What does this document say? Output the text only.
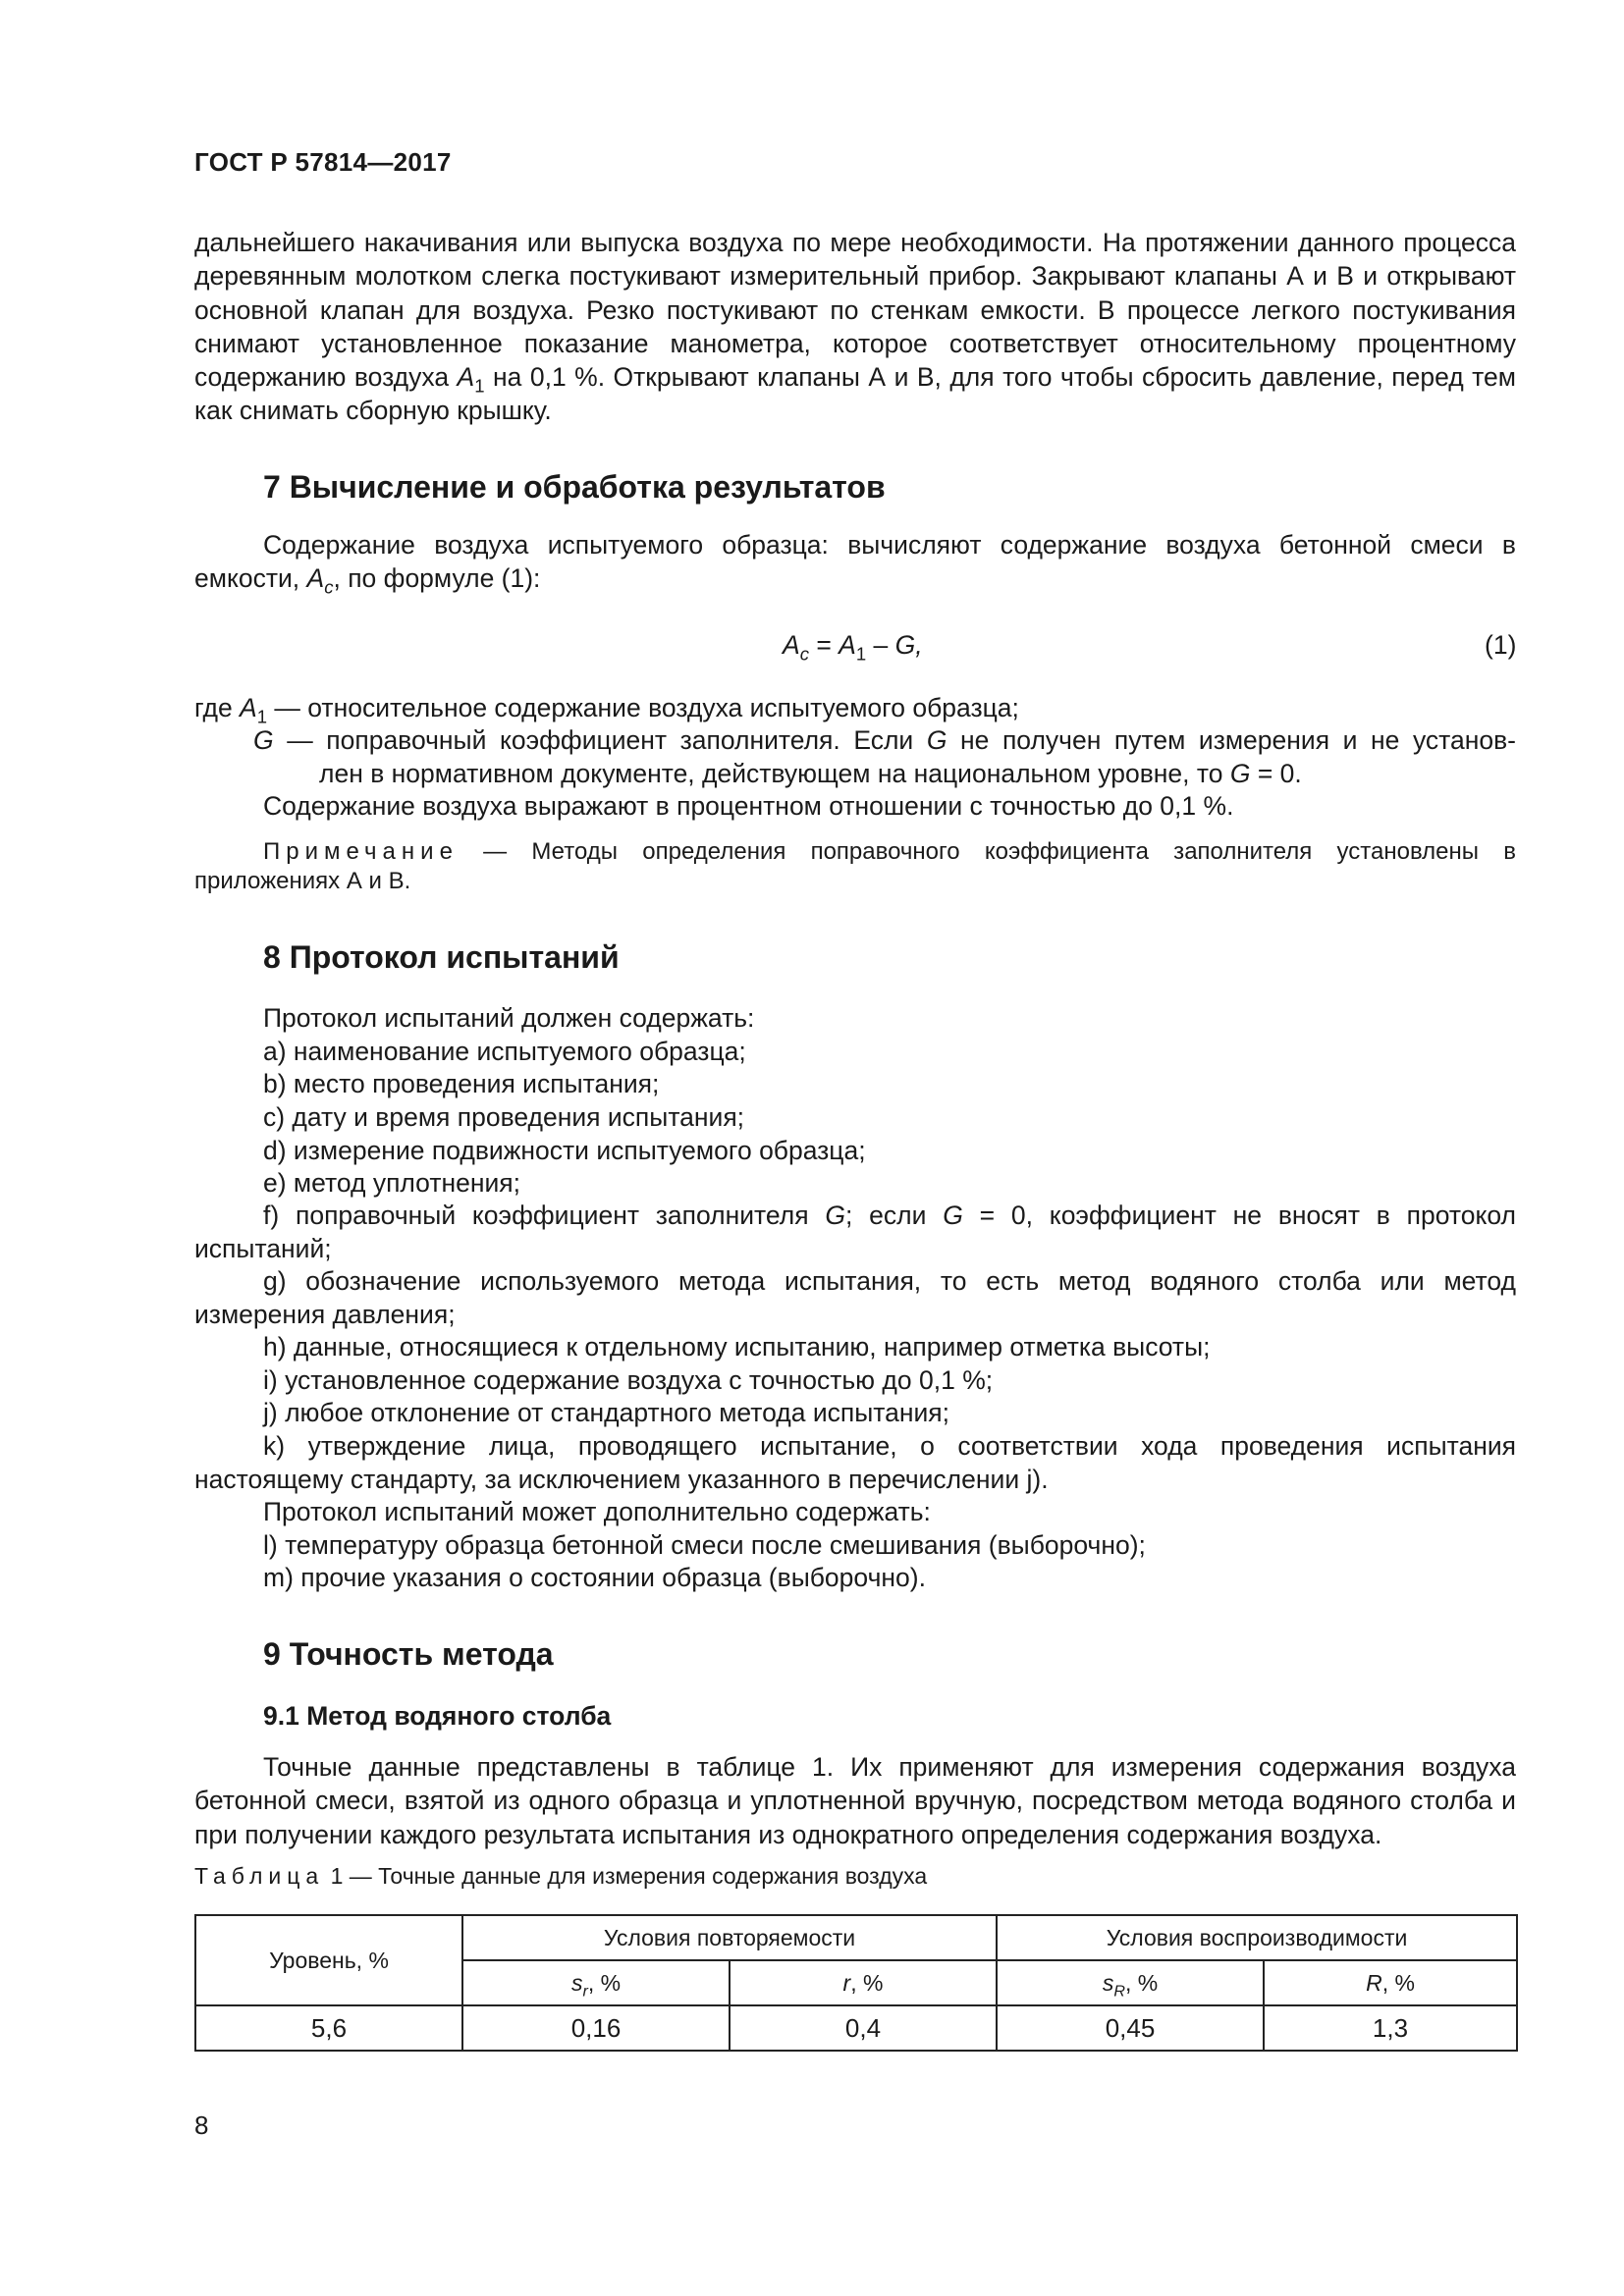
ГОСТ Р 57814—2017

дальнейшего накачивания или выпуска воздуха по мере необходимости. На протяжении данного процесса деревянным молотком слегка постукивают измерительный прибор. Закрывают клапаны А и В и открывают основной клапан для воздуха. Резко постукивают по стенкам емкости. В процессе легкого постукивания снимают установленное показание манометра, которое соответствует относительному процентному содержанию воздуха $A_1$ на 0,1 %. Открывают клапаны А и В, для того чтобы сбросить давление, перед тем как снимать сборную крышку.

7 Вычисление и обработка результатов

Содержание воздуха испытуемого образца: вычисляют содержание воздуха бетонной смеси в емкости, $A_c$, по формуле (1):

$A_c = A_1 - G$,	(1)
где $A_1$ — относительное содержание воздуха испытуемого образца;
G — поправочный коэффициент заполнителя. Если G не получен путем измерения и не установ-
лен в нормативном документе, действующем на национальном уровне, то G = 0.
Содержание воздуха выражают в процентном отношении с точностью до 0,1 %.

Примечание — Методы определения поправочного коэффициента заполнителя установлены в приложениях А и В.

8 Протокол испытаний
Протокол испытаний должен содержать:
a) наименование испытуемого образца;
b) место проведения испытания;
c) дату и время проведения испытания;
d) измерение подвижности испытуемого образца;
e) метод уплотнения;

f) поправочный коэффициент заполнителя G; если G = 0, коэффициент не вносят в протокол испытаний;

g) обозначение используемого метода испытания, то есть метод водяного столба или метод измерения давления;

h) данные, относящиеся к отдельному испытанию, например отметка высоты;
i) установленное содержание воздуха с точностью до 0,1 %;
j) любое отклонение от стандартного метода испытания;

k) утверждение лица, проводящего испытание, о соответствии хода проведения испытания настоящему стандарту, за исключением указанного в перечислении j).

Протокол испытаний может дополнительно содержать:
l) температуру образца бетонной смеси после смешивания (выборочно);
m) прочие указания о состоянии образца (выборочно).
9 Точность метода
9.1 Метод водяного столба

Точные данные представлены в таблице 1. Их применяют для измерения содержания воздуха бетонной смеси, взятой из одного образца и уплотненной вручную, посредством метода водяного столба и при получении каждого результата испытания из однократного определения содержания воздуха.

Таблица 1 — Точные данные для измерения содержания воздуха
Уровень, %	Условия повторяемости		Условия воспроизводимости	
	$s_r$, %	r, %	$s_R$, %	R, %
5,6	0,16	0,4	0,45	1,3
8
